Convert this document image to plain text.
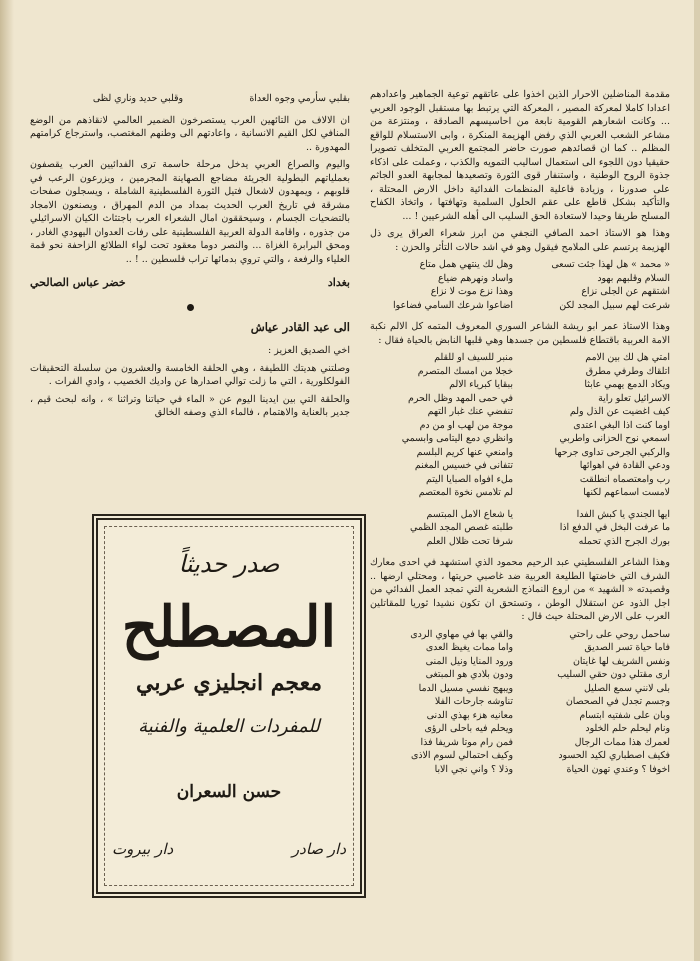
مقدمة المناضلين الاحرار الذين اخذوا على عاتقهم توعية الجماهير واعدادهم اعدادا كاملا لمعركة المصير ، المعركة التي يرتبط بها مستقبل الوجود العربي ... وكانت اشعارهم القومية نابعة من احاسيسهم الصادقة ، ومنتزعة من مشاعر الشعب العربي الذي رفض الهزيمة المنكرة ، وابى الاستسلام للواقع المظلم .. كما ان قصائدهم صورت حاضر المجتمع العربي المتخلف تصويرا حقيقيا دون اللجوء الى استعمال اساليب التمويه والكذب ، وعملت على اذكاء جذوة الروح الوطنية ، واستنفار قوى الثورة وتصعيدها لمجابهة العدو الجاثم على صدورنا ، وزيادة فاعلية المنظمات الفدائية داخل الارض المحتلة ، والتأكيد بشكل قاطع على عقم الحلول السلمية وتهافتها ، واتخاذ الكفاح المسلح طريقا وحيدا لاستعادة الحق السليب الى أهله الشرعيين ! ...

وهذا هو الاستاذ احمد الصافي النجفي من ابرز شعراء العراق يرى ذل الهزيمة يرتسم على الملامح فيقول وهو في اشد حالات التأثر والحزن :

« محمد » هل لهذا جئت تسعى
وهل لك ينتهي همل متاع
السلام وقلبهم بهود
واساد ونهرهم ضياع
اشتقهم عن الجلى نزاع
وهذا نزع موت لا نزاع
شرعت لهم سبيل المجد لكن
اضاعوا شرعك السامي فضاعوا

وهذا الاستاذ عمر ابو ريشة الشاعر السوري المعروف المتمه كل الالم نكبة الامة العربية باقتطاع فلسطين من جسدها وهي قلبها النابض بالحياة فقال :

امتي هل لك بين الامم
منبر للسيف او للقلم
اتلقاك وطرفي مطرق
خجلا من امسك المتصرم
ويكاد الدمع يهمي عابثا
ببقايا كبرياء الالم
الاسرائيل تعلو راية
في حمى المهد وظل الحرم
كيف اغضيت عن الذل ولم
تنفضي عنك غبار التهم
اوما كنت اذا البغي اعتدى
موجة من لهب او من دم
اسمعي نوح الحزانى واطربي
وانظري دمع اليتامى وابسمي
والركبي الجرحى تداوى جرحها
وامنعي عنها كريم البلسم
ودعي القادة في اهوائها
تتفانى في خسيس المغنم
رب وامعتصماه انطلقت
ملء افواه الصبايا اليتم
لامست اسماعهم لكنها
لم تلامس نخوة المعتصم
ايها الجندي يا كبش الفدا
يا شعاع الامل المبتسم
ما عرفت البخل في الدفع اذا
طلبته غصص المجد الظمي
بورك الجرح الذي تحمله
شرفا تحت ظلال العلم

وهذا الشاعر الفلسطيني عبد الرحيم محمود الذي استشهد في احدى معارك الشرف التي خاضتها الطليعة العربية ضد غاصبي حريتها ، ومحتلي ارضها .. وقصيدته « الشهيد » من اروع النماذج الشعرية التي تمجد العمل الفدائي من اجل الذود عن استقلال الوطن ، وتستحق ان تكون نشيدا ثوريا للمقاتلين العرب على الارض المحتلة حيث قال :

ساحمل روحي على راحتي
والقي بها في مهاوي الردى
فاما حياة تسر الصديق
واما ممات يغيظ العدى
ونفس الشريف لها غايتان
ورود المنايا ونيل المنى
ارى مقتلي دون حقي السليب
ودون بلادي هو المبتغى
بلى لانني سمع الصليل
ويبهج نفسي مسيل الدما
وجسم تجدل في الصحصان
تناوشه جارحات الفلا
وبان على شفتيه ابتسام
معانيه هزء بهذي الدنى
ونام ليحلم حلم الخلود
ويحلم فيه باحلى الرؤى
لعمرك هذا ممات الرجال
فمن رام موتا شريفا فذا
فكيف اصطباري لكيد الحسود
وكيف احتمالي لسوم الاذى
اخوفا ؟ وعندي تهون الحياة
وذلا ؟ واني نجي الابا
بقلبي سأرمي وجوه العداة
وقلبي حديد وناري لظى

ان الالاف من التائهين العرب يستصرخون الضمير العالمي لانقاذهم من الوضع المنافي لكل القيم الانسانية ، واعادتهم الى وطنهم المغتصب، واسترجاع كرامتهم المهدورة ..

واليوم والصراع العربي يدخل مرحلة حاسمة ترى الفدائيين العرب يقصفون بعملياتهم البطولية الجريئة مضاجع الصهاينة المجرمين ، ويزرعون الرعب في قلوبهم ، ويمهدون لاشعال فتيل الثورة الفلسطينية الشاملة ، ويسجلون صفحات مشرقة في تاريخ العرب الحديث بمداد من الدم المهراق ، ويصنعون الامجاد بالتضحيات الجسام ، وسيحققون امال الشعراء العرب باجتثاث الكيان الاسرائيلي من جذوره ، واقامة الدولة العربية الفلسطينية على رفات العدوان اليهودي الغادر ، ومحق البرابرة الغزاة ... والنصر دوما معقود تحت لواء الطلائع الزاحفة نحو قمة العلياء والرفعة ، والتي تروي بدمائها تراب فلسطين .. ! ..

بغداد
خضر عباس الصالحي
الى عبد القادر عياش

اخي الصديق العزيز :

وصلتني هديتك اللطيفة ، وهي الحلقة الخامسة والعشرون من سلسلة التحقيقات الفولكلورية ، التي ما زلت توالي اصدارها عن واديك الخصيب ، وادي الفرات .

والحلقة التي بين ايدينا اليوم عن « الماء في حياتنا وتراثنا » ، وانه لبحث قيم ، جدير بالعناية والاهتمام ، فالماء الذي وصفه الخالق

صدر حديثاً
المصطلح
معجم انجليزي عربي
للمفردات العلمية والفنية
حسن السعران
دار صادر
دار بيروت
